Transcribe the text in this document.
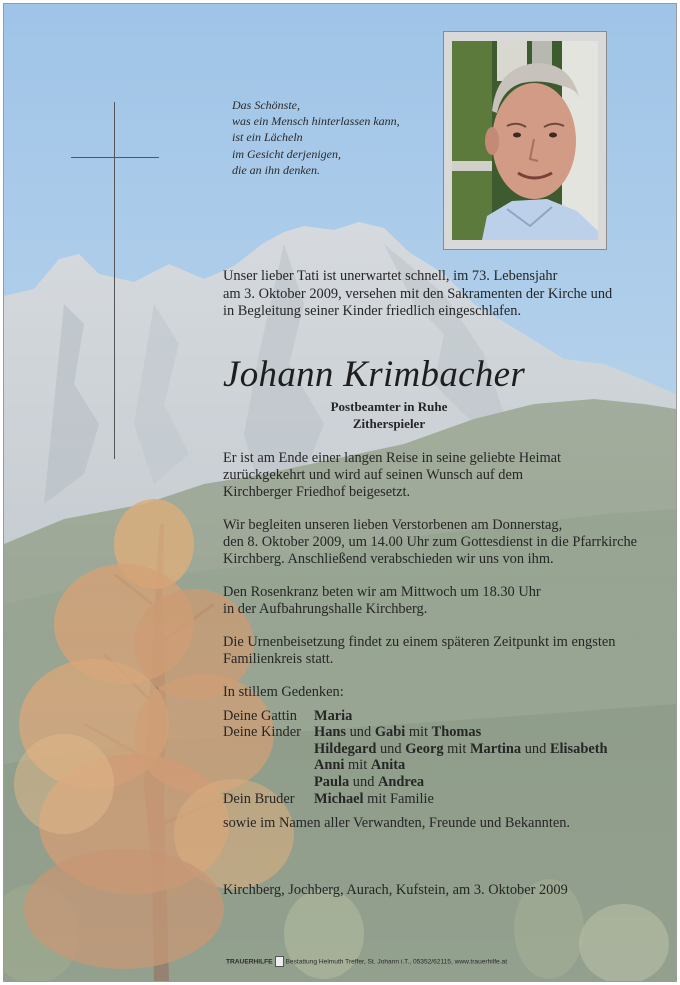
Das Schönste,
was ein Mensch hinterlassen kann,
ist ein Lächeln
im Gesicht derjenigen,
die an ihn denken.
Unser lieber Tati ist unerwartet schnell, im 73. Lebensjahr
am 3. Oktober 2009, versehen mit den Sakramenten der Kirche und
in Begleitung seiner Kinder friedlich eingeschlafen.
Johann Krimbacher
Postbeamter in Ruhe
Zitherspieler
Er ist am Ende einer langen Reise in seine geliebte Heimat
zurückgekehrt und wird auf seinen Wunsch auf dem
Kirchberger Friedhof beigesetzt.
Wir begleiten unseren lieben Verstorbenen am Donnerstag,
den 8. Oktober 2009, um 14.00 Uhr zum Gottesdienst in die Pfarrkirche
Kirchberg. Anschließend verabschieden wir uns von ihm.
Den Rosenkranz beten wir am Mittwoch um 18.30 Uhr
in der Aufbahrungshalle Kirchberg.
Die Urnenbeisetzung findet zu einem späteren Zeitpunkt im engsten
Familienkreis statt.
In stillem Gedenken:
Deine Gattin Maria
Deine Kinder Hans und Gabi mit Thomas
Hildegard und Georg mit Martina und Elisabeth
Anni mit Anita
Paula und Andrea
Dein Bruder Michael mit Familie
sowie im Namen aller Verwandten, Freunde und Bekannten.
Kirchberg, Jochberg, Aurach, Kufstein, am 3. Oktober 2009
TRAUERHILFE Bestattung Helmuth Treffer, St. Johann i.T., 05352/62115, www.trauerhilfe.at
